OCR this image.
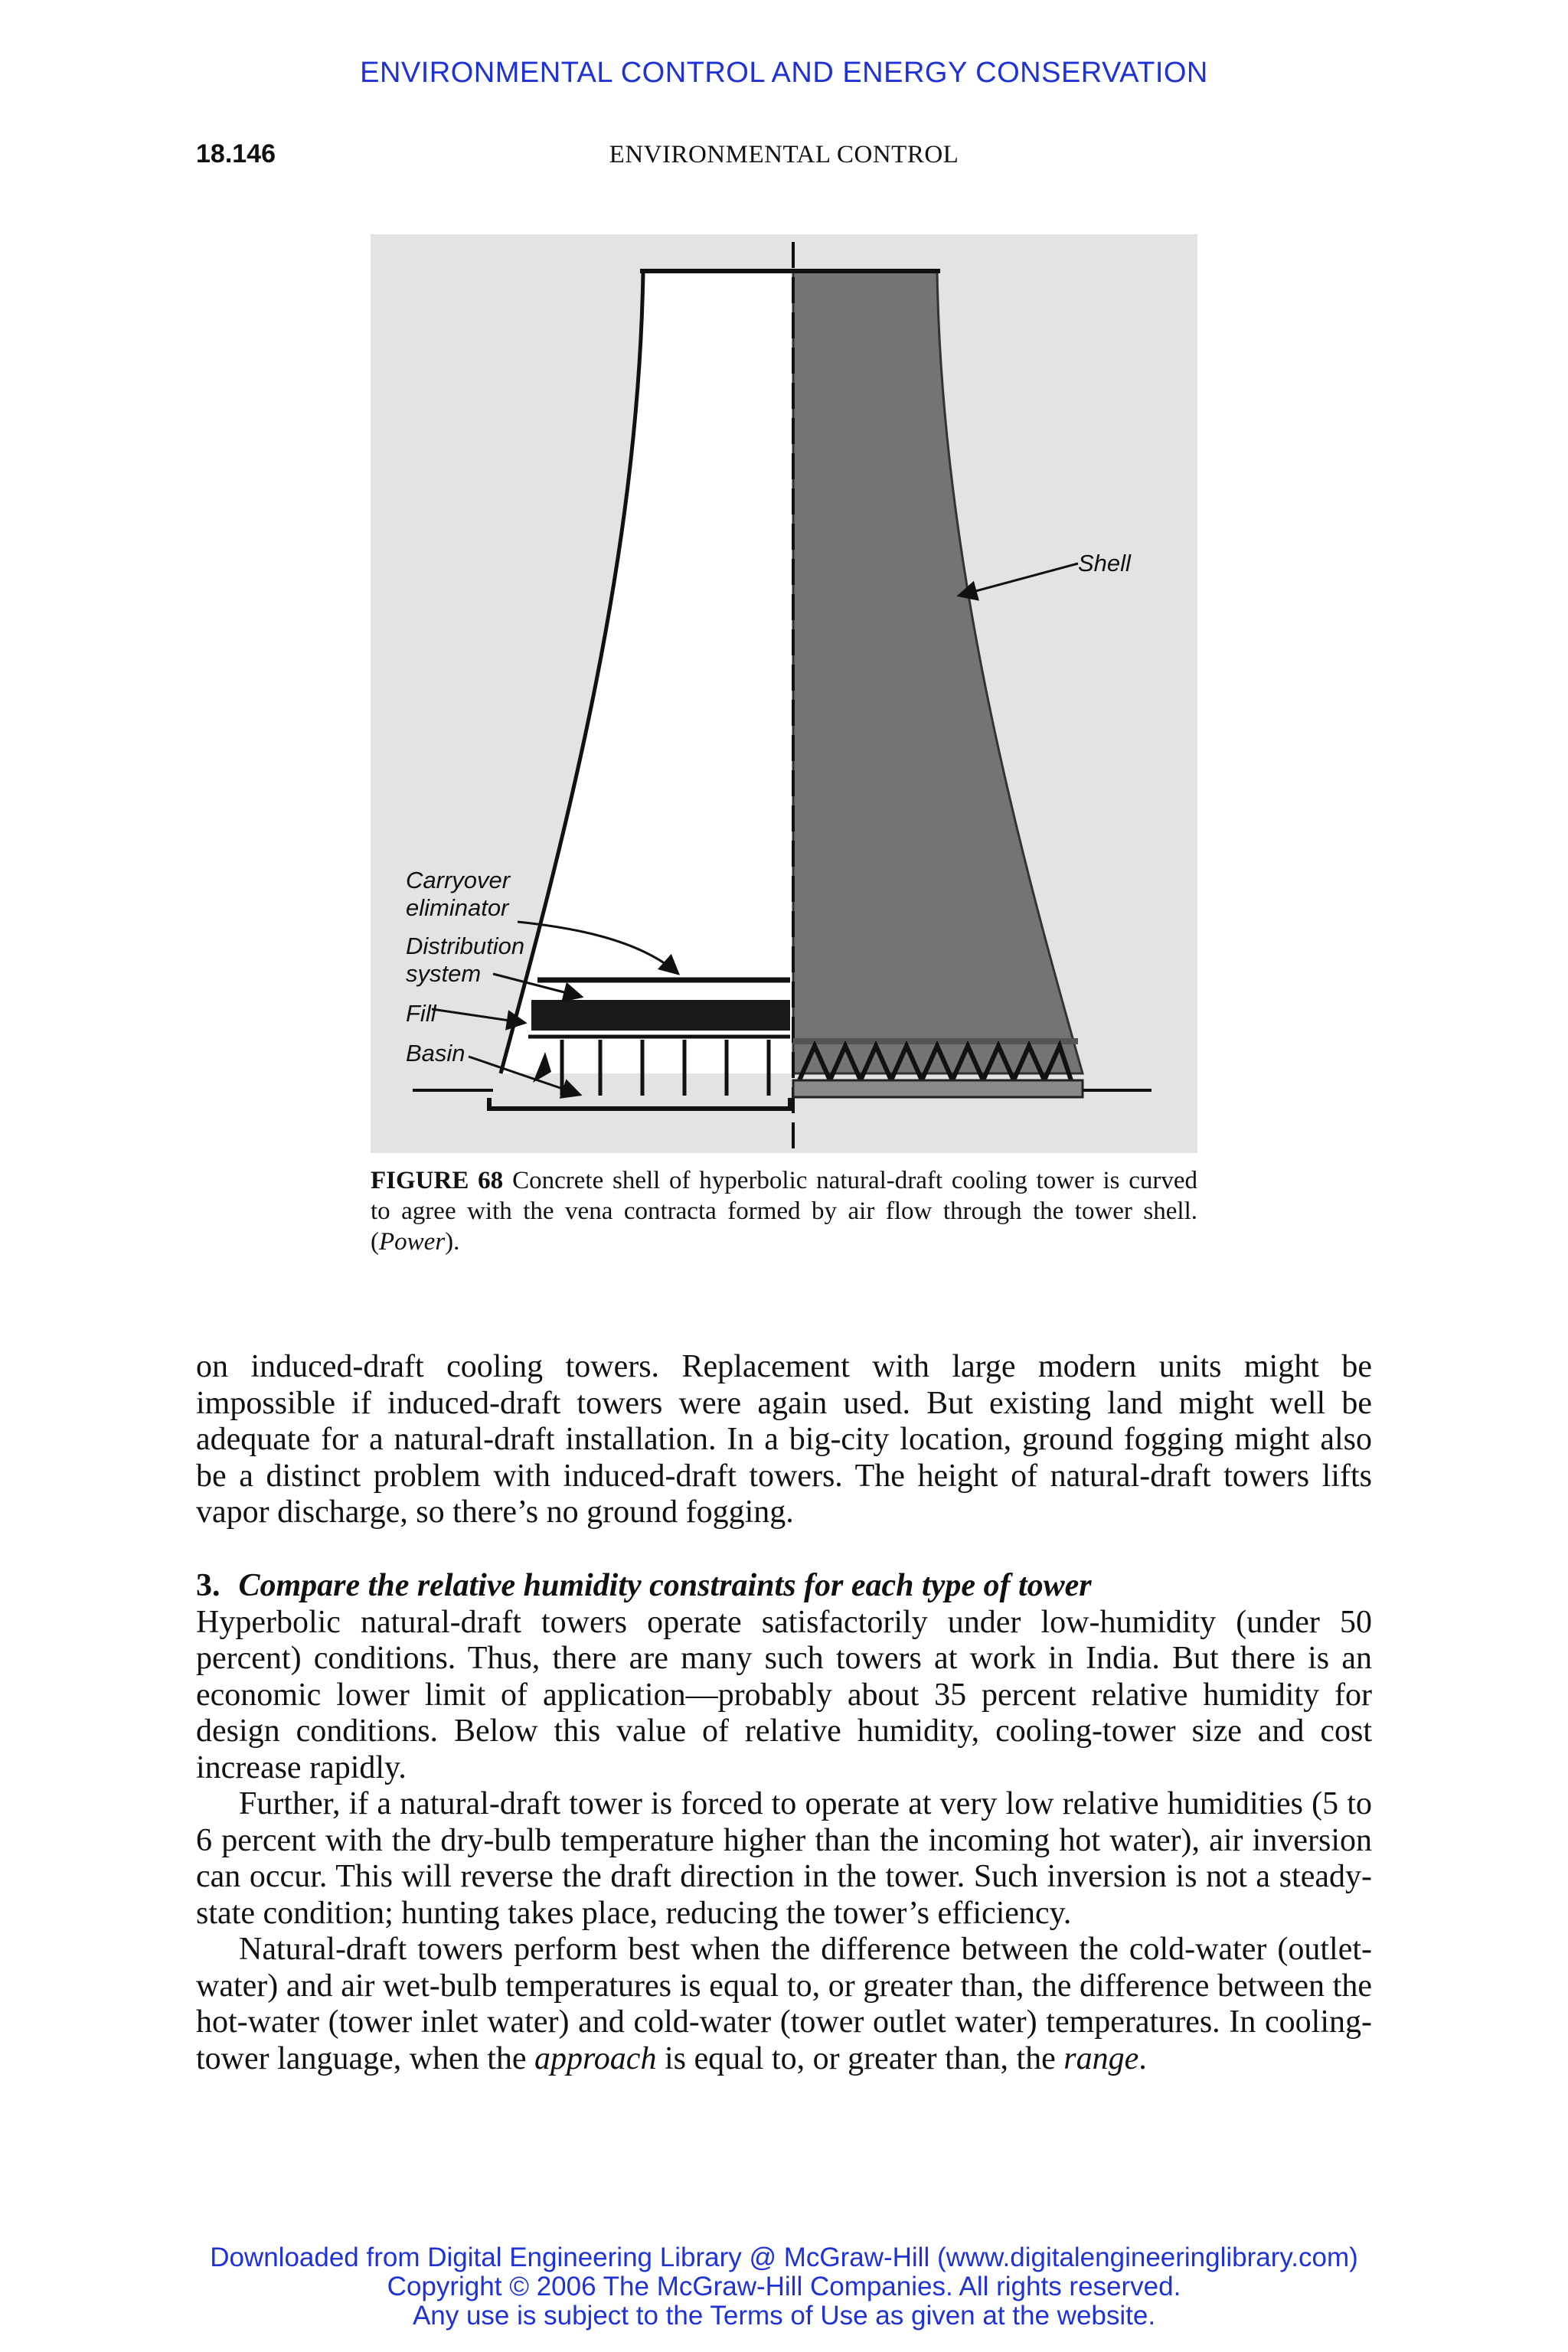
ENVIRONMENTAL CONTROL AND ENERGY CONSERVATION
18.146	ENVIRONMENTAL CONTROL
Shell
Carryover
eliminator
Distribution
system
Fill
Basin
FIGURE 68 Concrete shell of hyperbolic natural-draft cooling tower is curved to agree with the vena contracta formed by air flow through the tower shell. (Power).

on induced-draft cooling towers. Replacement with large modern units might be impossible if induced-draft towers were again used. But existing land might well be adequate for a natural-draft installation. In a big-city location, ground fogging might also be a distinct problem with induced-draft towers. The height of natural-draft towers lifts vapor discharge, so there’s no ground fogging.

3. Compare the relative humidity constraints for each type of tower

Hyperbolic natural-draft towers operate satisfactorily under low-humidity (under 50 percent) conditions. Thus, there are many such towers at work in India. But there is an economic lower limit of application—probably about 35 percent relative humidity for design conditions. Below this value of relative humidity, cooling-tower size and cost increase rapidly.

Further, if a natural-draft tower is forced to operate at very low relative humidities (5 to 6 percent with the dry-bulb temperature higher than the incoming hot water), air inversion can occur. This will reverse the draft direction in the tower. Such inversion is not a steady-state condition; hunting takes place, reducing the tower’s efficiency.

Natural-draft towers perform best when the difference between the cold-water (outlet-water) and air wet-bulb temperatures is equal to, or greater than, the difference between the hot-water (tower inlet water) and cold-water (tower outlet water) temperatures. In cooling-tower language, when the approach is equal to, or greater than, the range.

Downloaded from Digital Engineering Library @ McGraw-Hill (www.digitalengineeringlibrary.com)
Copyright © 2006 The McGraw-Hill Companies. All rights reserved.
Any use is subject to the Terms of Use as given at the website.
